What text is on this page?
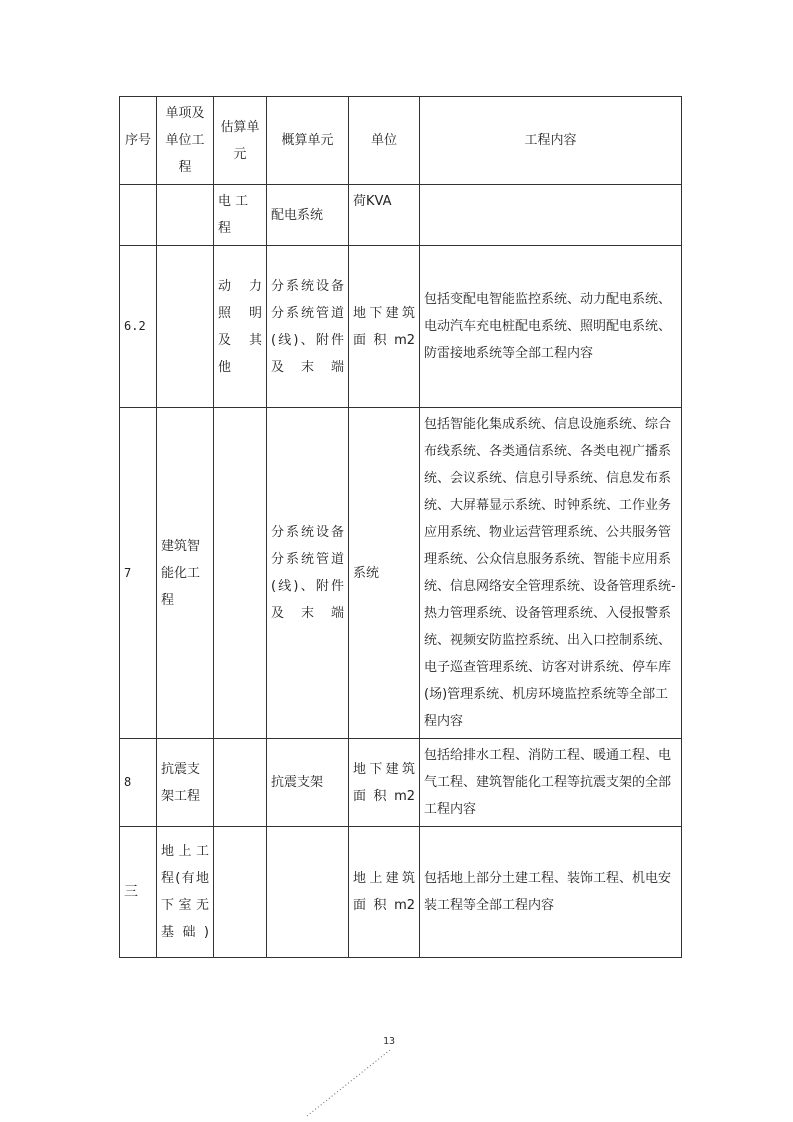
序号	单项及单位工程	估算单元	概算单元	单位	工程内容
		电 工 程	配电系统	荷KVA	
6.2		动 力 照 明 及 其 他	分系统设备
分系统管道(线)、附件及末端	地下建筑面积m2	包括变配电智能监控系统、动力配电系统、电动汽车充电桩配电系统、照明配电系统、防雷接地系统等全部工程内容
7	建筑智能化工程		分系统设备
分系统管道(线)、附件及末端	系统	包括智能化集成系统、信息设施系统、综合布线系统、各类通信系统、各类电视广播系统、会议系统、信息引导系统、信息发布系统、大屏幕显示系统、时钟系统、工作业务应用系统、物业运营管理系统、公共服务管理系统、公众信息服务系统、智能卡应用系统、信息网络安全管理系统、设备管理系统-热力管理系统、设备管理系统、入侵报警系统、视频安防监控系统、出入口控制系统、电子巡查管理系统、访客对讲系统、停车库(场)管理系统、机房环境监控系统等全部工程内容
8	抗震支架工程		抗震支架	地下建筑面积m2	包括给排水工程、消防工程、暖通工程、电气工程、建筑智能化工程等抗震支架的全部工程内容
三	地上工程(有地下室无 基础)			地上建筑面积m2	包括地上部分土建工程、装饰工程、机电安装工程等全部工程内容
13
